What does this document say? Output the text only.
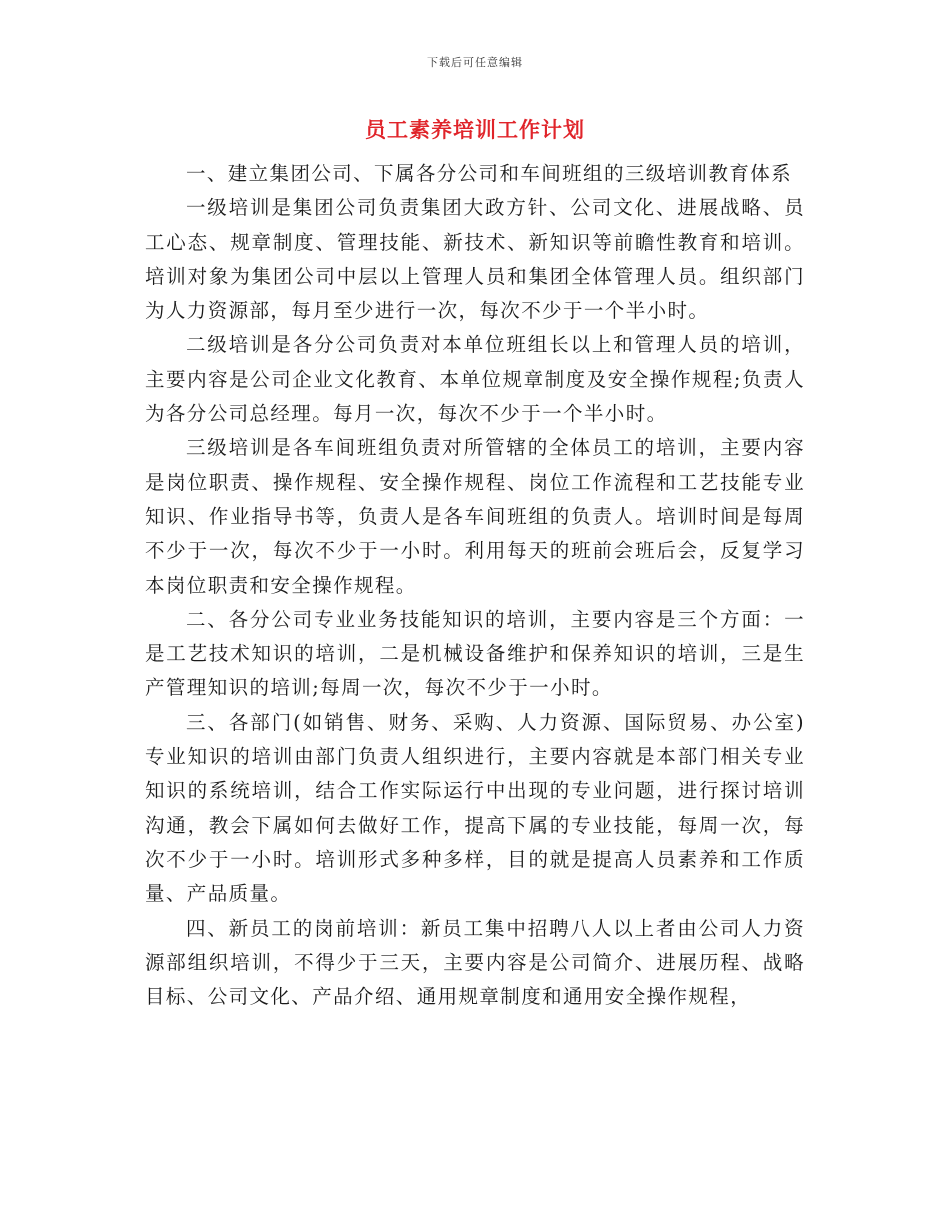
下载后可任意编辑
员工素养培训工作计划

一、建立集团公司、下属各分公司和车间班组的三级培训教育体系

一级培训是集团公司负责集团大政方针、公司文化、进展战略、员工心态、规章制度、管理技能、新技术、新知识等前瞻性教育和培训。培训对象为集团公司中层以上管理人员和集团全体管理人员。组织部门为人力资源部，每月至少进行一次，每次不少于一个半小时。

二级培训是各分公司负责对本单位班组长以上和管理人员的培训，主要内容是公司企业文化教育、本单位规章制度及安全操作规程;负责人为各分公司总经理。每月一次，每次不少于一个半小时。

三级培训是各车间班组负责对所管辖的全体员工的培训，主要内容是岗位职责、操作规程、安全操作规程、岗位工作流程和工艺技能专业知识、作业指导书等，负责人是各车间班组的负责人。培训时间是每周不少于一次，每次不少于一小时。利用每天的班前会班后会，反复学习本岗位职责和安全操作规程。

二、各分公司专业业务技能知识的培训，主要内容是三个方面：一是工艺技术知识的培训，二是机械设备维护和保养知识的培训，三是生产管理知识的培训;每周一次，每次不少于一小时。

三、各部门(如销售、财务、采购、人力资源、国际贸易、办公室)专业知识的培训由部门负责人组织进行，主要内容就是本部门相关专业知识的系统培训，结合工作实际运行中出现的专业问题，进行探讨培训沟通，教会下属如何去做好工作，提高下属的专业技能，每周一次，每次不少于一小时。培训形式多种多样，目的就是提高人员素养和工作质量、产品质量。

四、新员工的岗前培训：新员工集中招聘八人以上者由公司人力资源部组织培训，不得少于三天，主要内容是公司简介、进展历程、战略目标、公司文化、产品介绍、通用规章制度和通用安全操作规程，
